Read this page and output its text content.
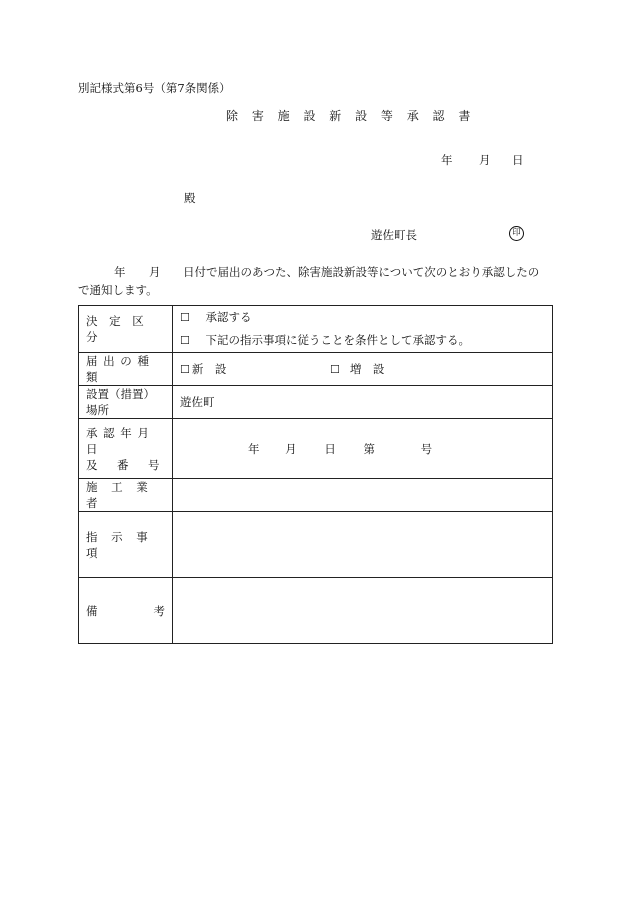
別記様式第6号（第7条関係）
除 害 施 設 新 設 等 承 認 書
年 月 日
殿
遊佐町長	印
年 月 日付で届出のあつた、除害施設新設等について次のとおり承認したの
で通知します。
決 定 区 分	☐ 承認する
☐ 下記の指示事項に従うことを条件として承認する。

届 出 の 種 類	☐ 新　設 ☐ 増　設
設置（措置）場所	遊佐町

承 認 年 月 日
及　番　号	年 月 日 第 号
施 工 業 者	
指 示 事 項	

備 考	
